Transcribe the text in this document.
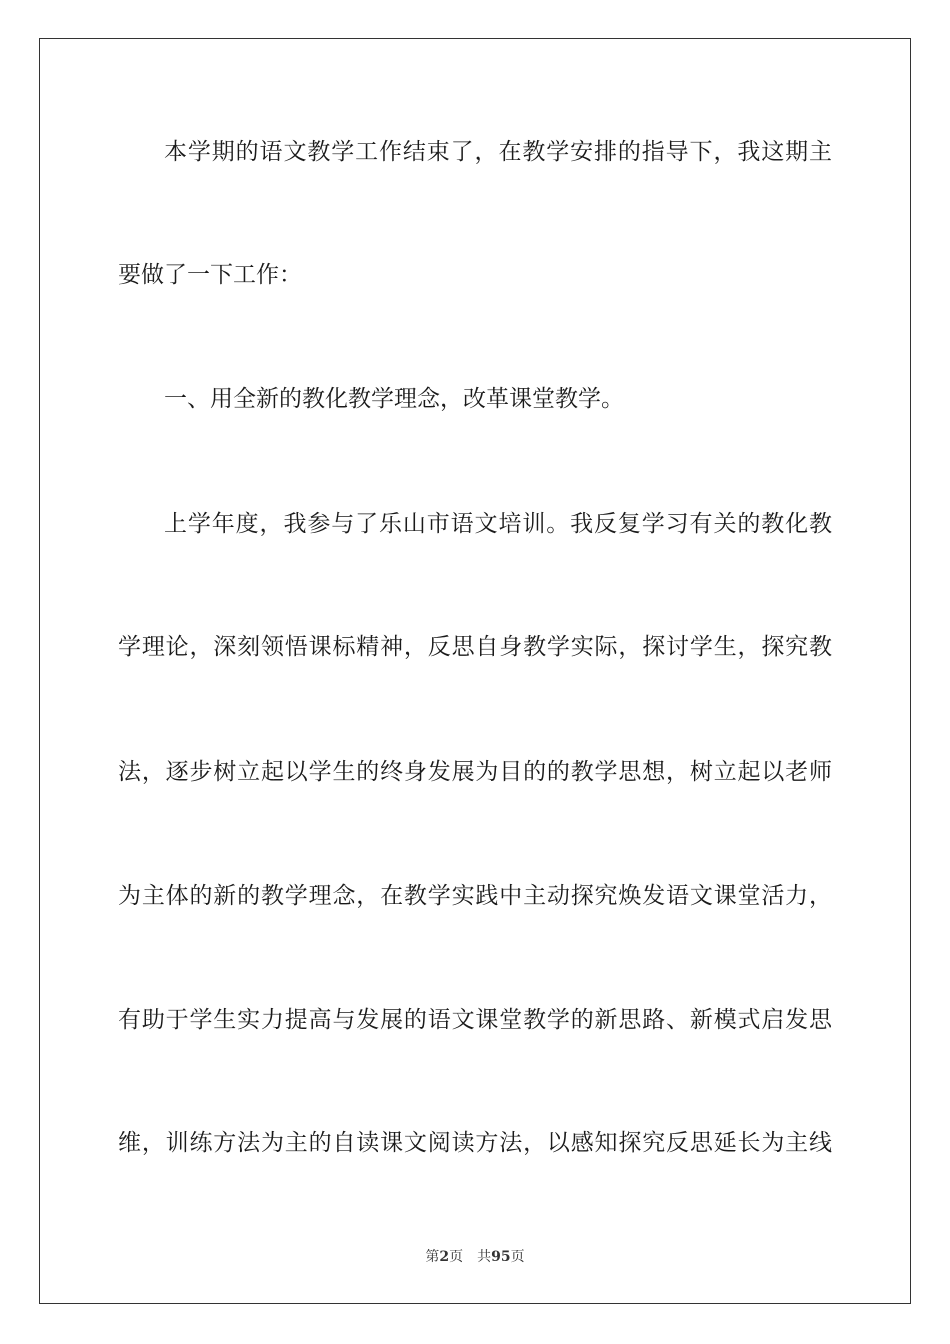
本学期的语文教学工作结束了，在教学安排的指导下，我这期主
要做了一下工作：
一、用全新的教化教学理念，改革课堂教学。
上学年度，我参与了乐山市语文培训。我反复学习有关的教化教
学理论，深刻领悟课标精神，反思自身教学实际，探讨学生，探究教
法，逐步树立起以学生的终身发展为目的的教学思想，树立起以老师
为主体的新的教学理念，在教学实践中主动探究焕发语文课堂活力，
有助于学生实力提高与发展的语文课堂教学的新思路、新模式启发思
维，训练方法为主的自读课文阅读方法，以感知探究反思延长为主线
第2页 共95页
